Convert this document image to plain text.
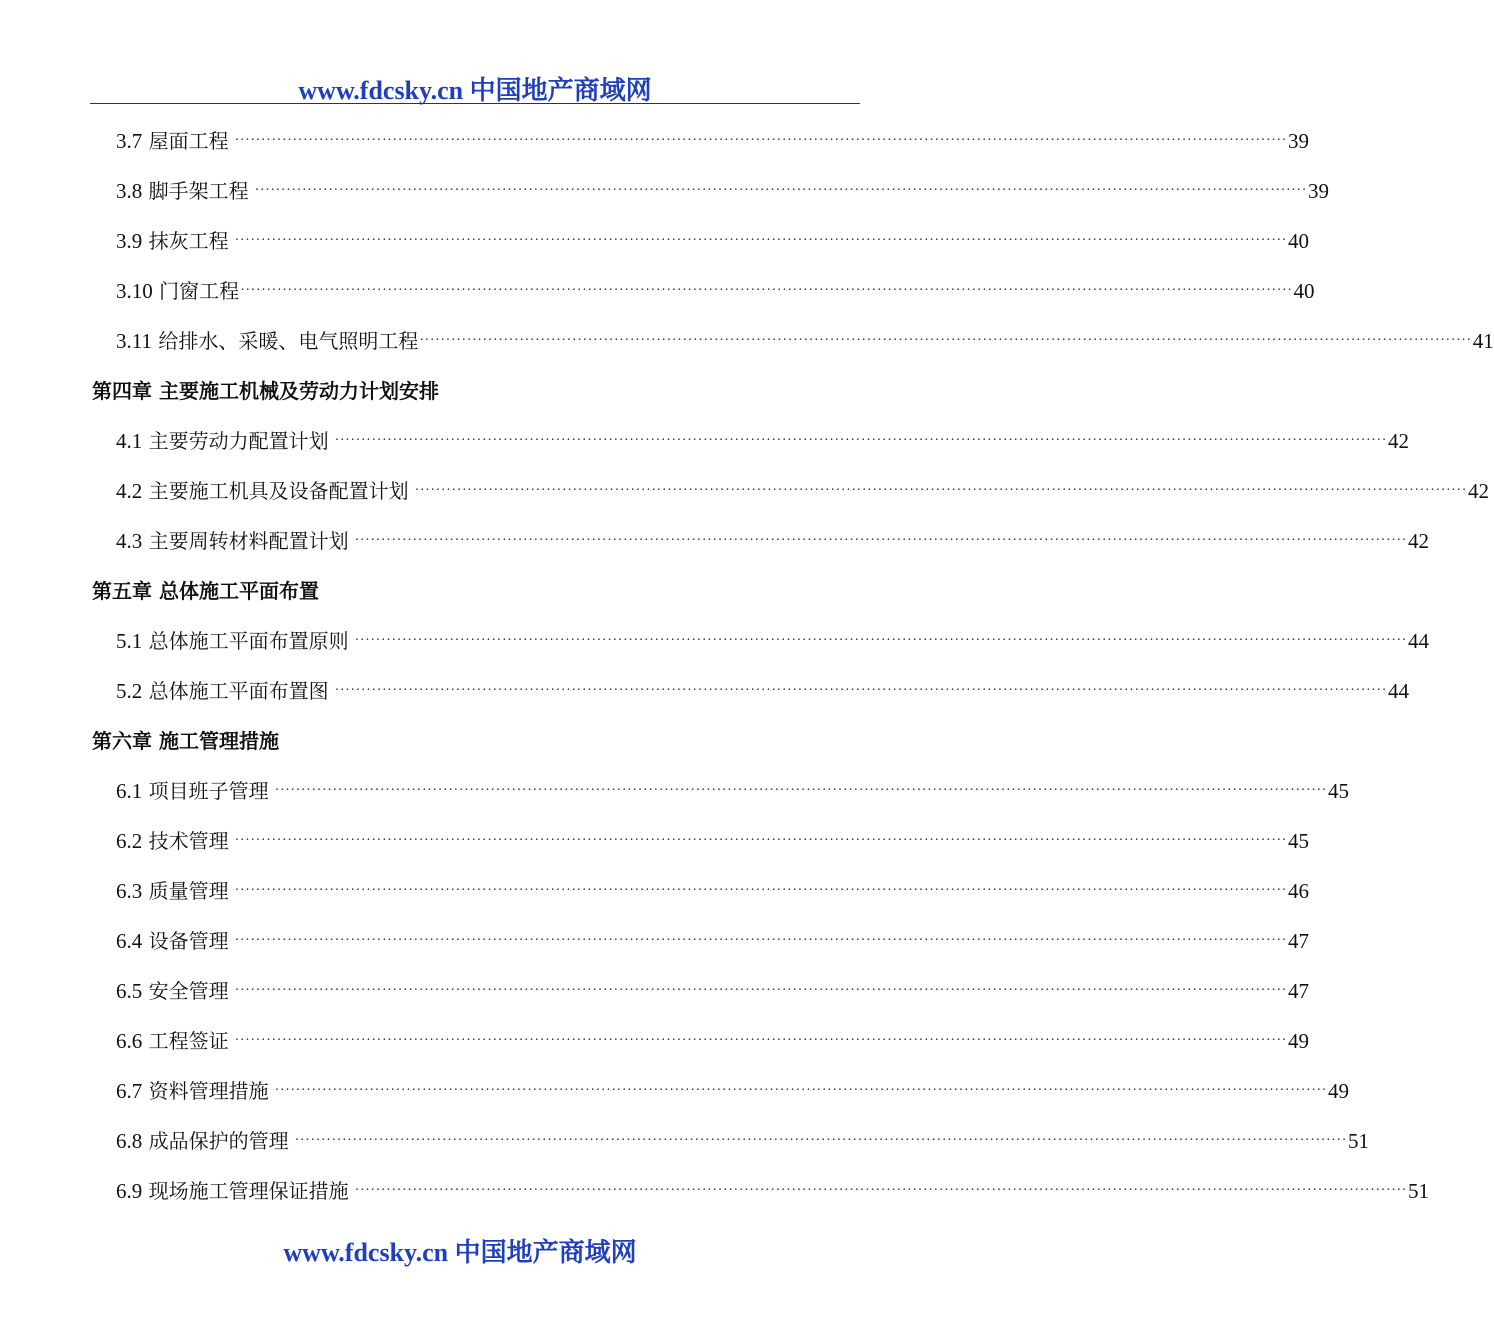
www.fdcsky.cn 中国地产商域网
3.7 屋面工程 ········································································································································································································ 39
3.8 脚手架工程 ········································································································································································································ 39
3.9 抹灰工程 ········································································································································································································ 40
3.10 门窗工程 ········································································································································································································ 40
3.11 给排水、采暖、电气照明工程 ········································································································································································································ 41
第四章 主要施工机械及劳动力计划安排
4.1 主要劳动力配置计划 ········································································································································································································ 42
4.2 主要施工机具及设备配置计划 ········································································································································································································ 42
4.3 主要周转材料配置计划 ········································································································································································································ 42
第五章 总体施工平面布置
5.1 总体施工平面布置原则 ········································································································································································································ 44
5.2 总体施工平面布置图 ········································································································································································································ 44
第六章 施工管理措施
6.1 项目班子管理 ········································································································································································································ 45
6.2 技术管理 ········································································································································································································ 45
6.3 质量管理 ········································································································································································································ 46
6.4 设备管理 ········································································································································································································ 47
6.5 安全管理 ········································································································································································································ 47
6.6 工程签证 ········································································································································································································ 49
6.7 资料管理措施 ········································································································································································································ 49
6.8 成品保护的管理 ········································································································································································································ 51
6.9 现场施工管理保证措施 ········································································································································································································ 51
www.fdcsky.cn 中国地产商域网
